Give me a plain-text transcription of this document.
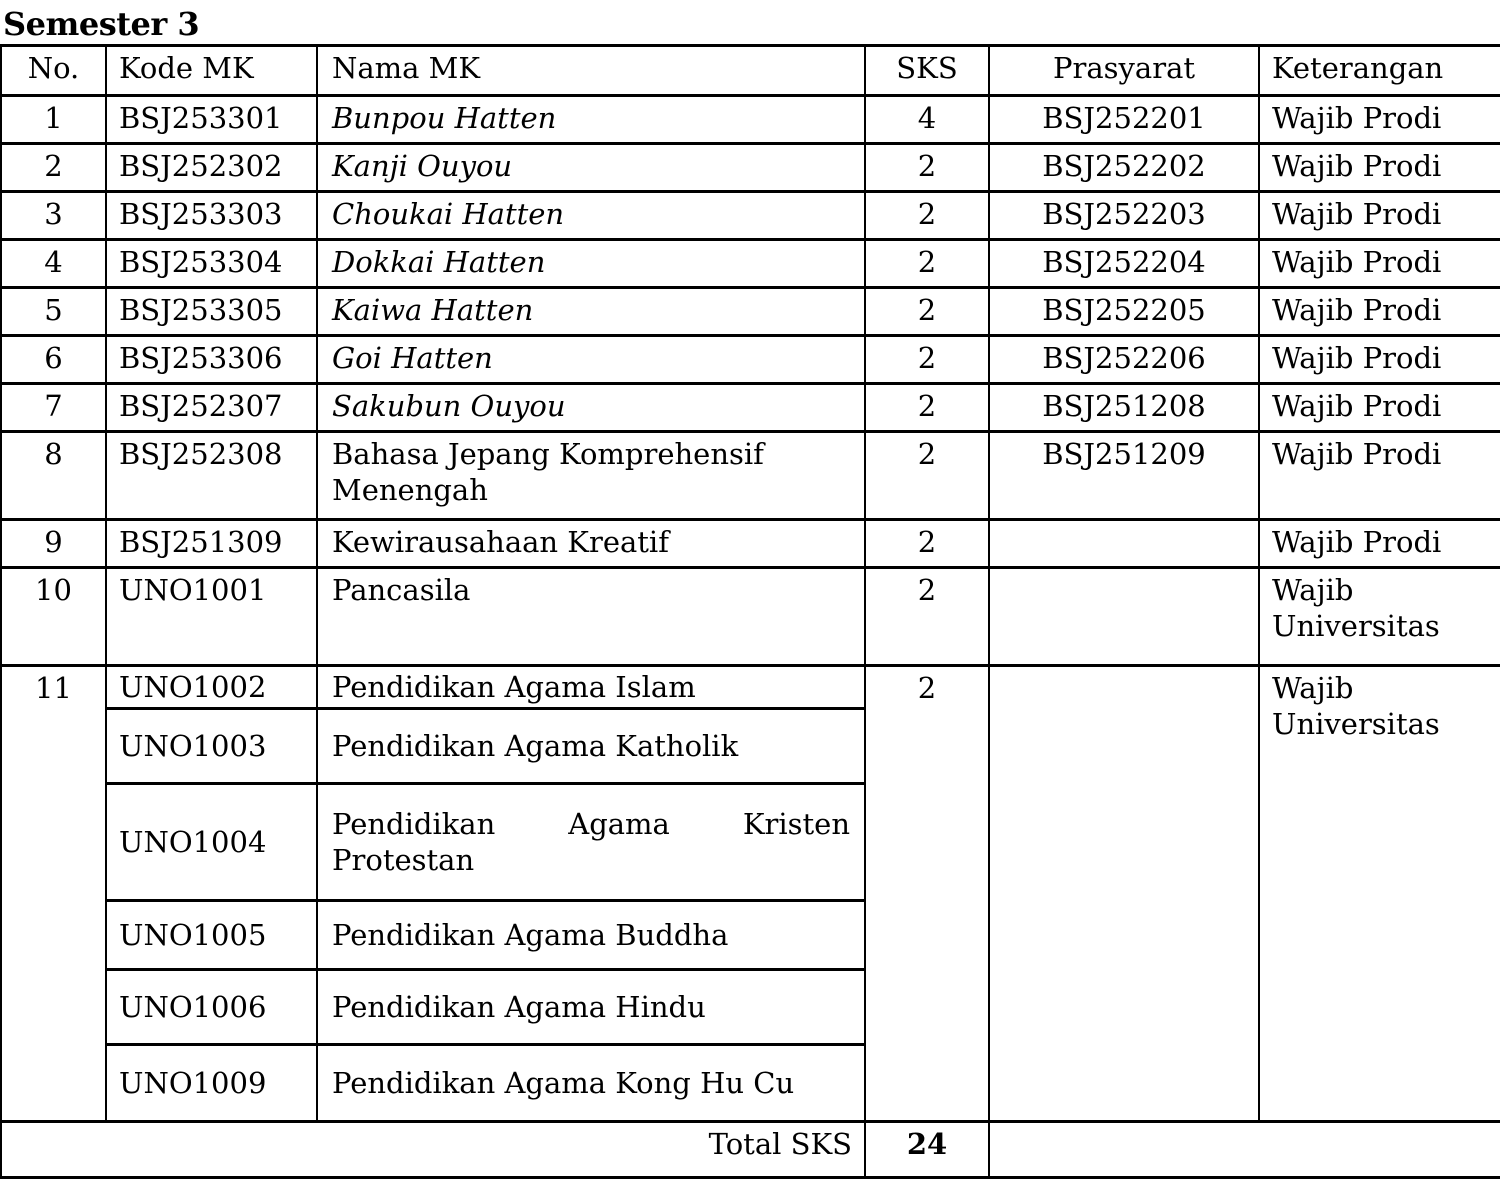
Semester 3
No.	Kode MK	Nama MK	SKS	Prasyarat	Keterangan
1	BSJ253301	Bunpou Hatten	4	BSJ252201	Wajib Prodi
2	BSJ252302	Kanji Ouyou	2	BSJ252202	Wajib Prodi
3	BSJ253303	Choukai Hatten	2	BSJ252203	Wajib Prodi
4	BSJ253304	Dokkai Hatten	2	BSJ252204	Wajib Prodi
5	BSJ253305	Kaiwa Hatten	2	BSJ252205	Wajib Prodi
6	BSJ253306	Goi Hatten	2	BSJ252206	Wajib Prodi
7	BSJ252307	Sakubun Ouyou	2	BSJ251208	Wajib Prodi
8	BSJ252308	Bahasa Jepang Komprehensif Menengah	2	BSJ251209	Wajib Prodi
9	BSJ251309	Kewirausahaan Kreatif	2		Wajib Prodi
10	UNO1001	Pancasila	2		Wajib Universitas
11	UNO1002	Pendidikan Agama Islam	2		Wajib Universitas
	UNO1003	Pendidikan Agama Katholik			
	UNO1004	Pendidikan Agama Kristen Protestan			
	UNO1005	Pendidikan Agama Buddha			
	UNO1006	Pendidikan Agama Hindu			
	UNO1009	Pendidikan Agama Kong Hu Cu			
Total SKS			24		
